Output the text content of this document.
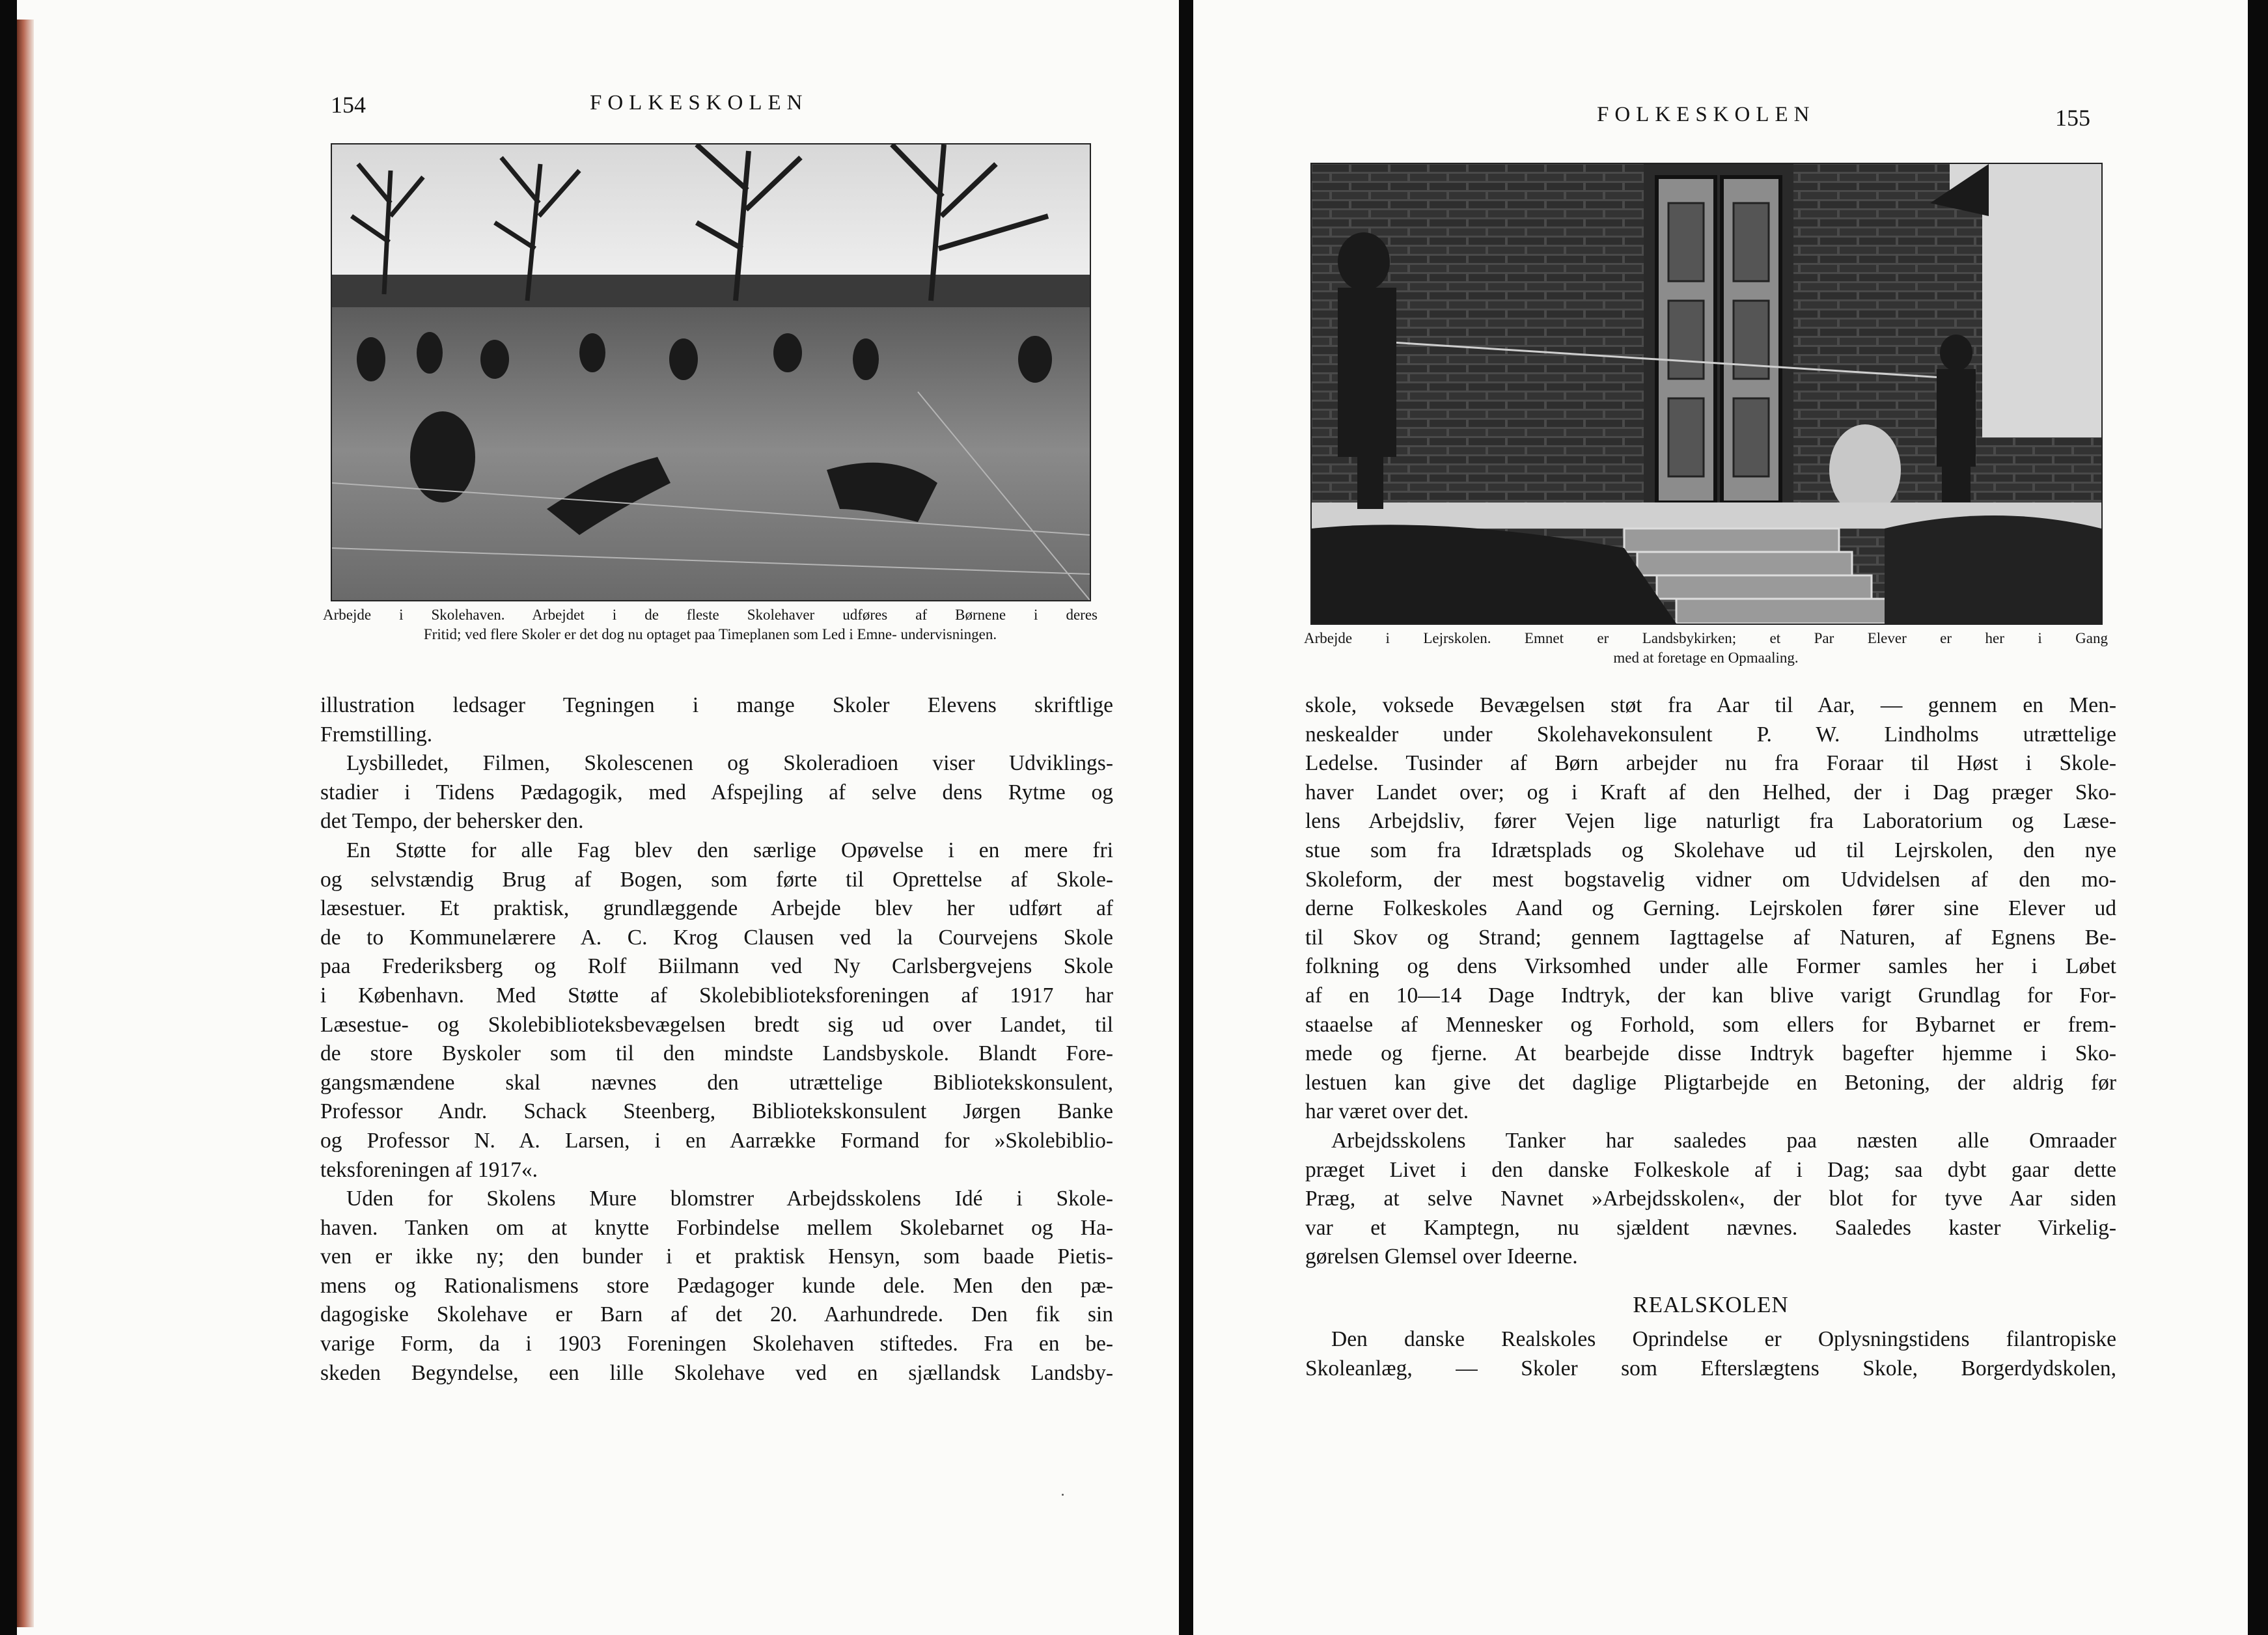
154	FOLKESKOLEN
Arbejde i Skolehaven. Arbejdet i de fleste Skolehaver udføres af Børnene i deres
Fritid; ved flere Skoler er det dog nu optaget paa Timeplanen som Led i Emne- undervisningen.
illustration ledsager Tegningen i mange Skoler Elevens skriftlige
Fremstilling.
Lysbilledet, Filmen, Skolescenen og Skoleradioen viser Udviklings-
stadier i Tidens Pædagogik, med Afspejling af selve dens Rytme og
det Tempo, der behersker den.
En Støtte for alle Fag blev den særlige Opøvelse i en mere fri
og selvstændig Brug af Bogen, som førte til Oprettelse af Skole-
læsestuer. Et praktisk, grundlæggende Arbejde blev her udført af
de to Kommunelærere A. C. Krog Clausen ved la Courvejens Skole
paa Frederiksberg og Rolf Biilmann ved Ny Carlsbergvejens Skole
i København. Med Støtte af Skolebiblioteksforeningen af 1917 har
Læsestue- og Skolebiblioteksbevægelsen bredt sig ud over Landet, til
de store Byskoler som til den mindste Landsbyskole. Blandt Fore-
gangsmændene skal nævnes den utrættelige Bibliotekskonsulent,
Professor Andr. Schack Steenberg, Bibliotekskonsulent Jørgen Banke
og Professor N. A. Larsen, i en Aarrække Formand for »Skolebiblio-
teksforeningen af 1917«.
Uden for Skolens Mure blomstrer Arbejdsskolens Idé i Skole-
haven. Tanken om at knytte Forbindelse mellem Skolebarnet og Ha-
ven er ikke ny; den bunder i et praktisk Hensyn, som baade Pietis-
mens og Rationalismens store Pædagoger kunde dele. Men den pæ-
dagogiske Skolehave er Barn af det 20. Aarhundrede. Den fik sin
varige Form, da i 1903 Foreningen Skolehaven stiftedes. Fra en be-
skeden Begyndelse, een lille Skolehave ved en sjællandsk Landsby-
FOLKESKOLEN	155
Arbejde i Lejrskolen. Emnet er Landsbykirken; et Par Elever er her i Gang
med at foretage en Opmaaling.
skole, voksede Bevægelsen støt fra Aar til Aar, — gennem en Men-
neskealder under Skolehavekonsulent P. W. Lindholms utrættelige
Ledelse. Tusinder af Børn arbejder nu fra Foraar til Høst i Skole-
haver Landet over; og i Kraft af den Helhed, der i Dag præger Sko-
lens Arbejdsliv, fører Vejen lige naturligt fra Laboratorium og Læse-
stue som fra Idrætsplads og Skolehave ud til Lejrskolen, den nye
Skoleform, der mest bogstavelig vidner om Udvidelsen af den mo-
derne Folkeskoles Aand og Gerning. Lejrskolen fører sine Elever ud
til Skov og Strand; gennem Iagttagelse af Naturen, af Egnens Be-
folkning og dens Virksomhed under alle Former samles her i Løbet
af en 10—14 Dage Indtryk, der kan blive varigt Grundlag for For-
staaelse af Mennesker og Forhold, som ellers for Bybarnet er frem-
mede og fjerne. At bearbejde disse Indtryk bagefter hjemme i Sko-
lestuen kan give det daglige Pligtarbejde en Betoning, der aldrig før
har været over det.
Arbejdsskolens Tanker har saaledes paa næsten alle Omraader
præget Livet i den danske Folkeskole af i Dag; saa dybt gaar dette
Præg, at selve Navnet »Arbejdsskolen«, der blot for tyve Aar siden
var et Kamptegn, nu sjældent nævnes. Saaledes kaster Virkelig-
gørelsen Glemsel over Ideerne.
REALSKOLEN
Den danske Realskoles Oprindelse er Oplysningstidens filantropiske
Skoleanlæg, — Skoler som Efterslægtens Skole, Borgerdydskolen,
